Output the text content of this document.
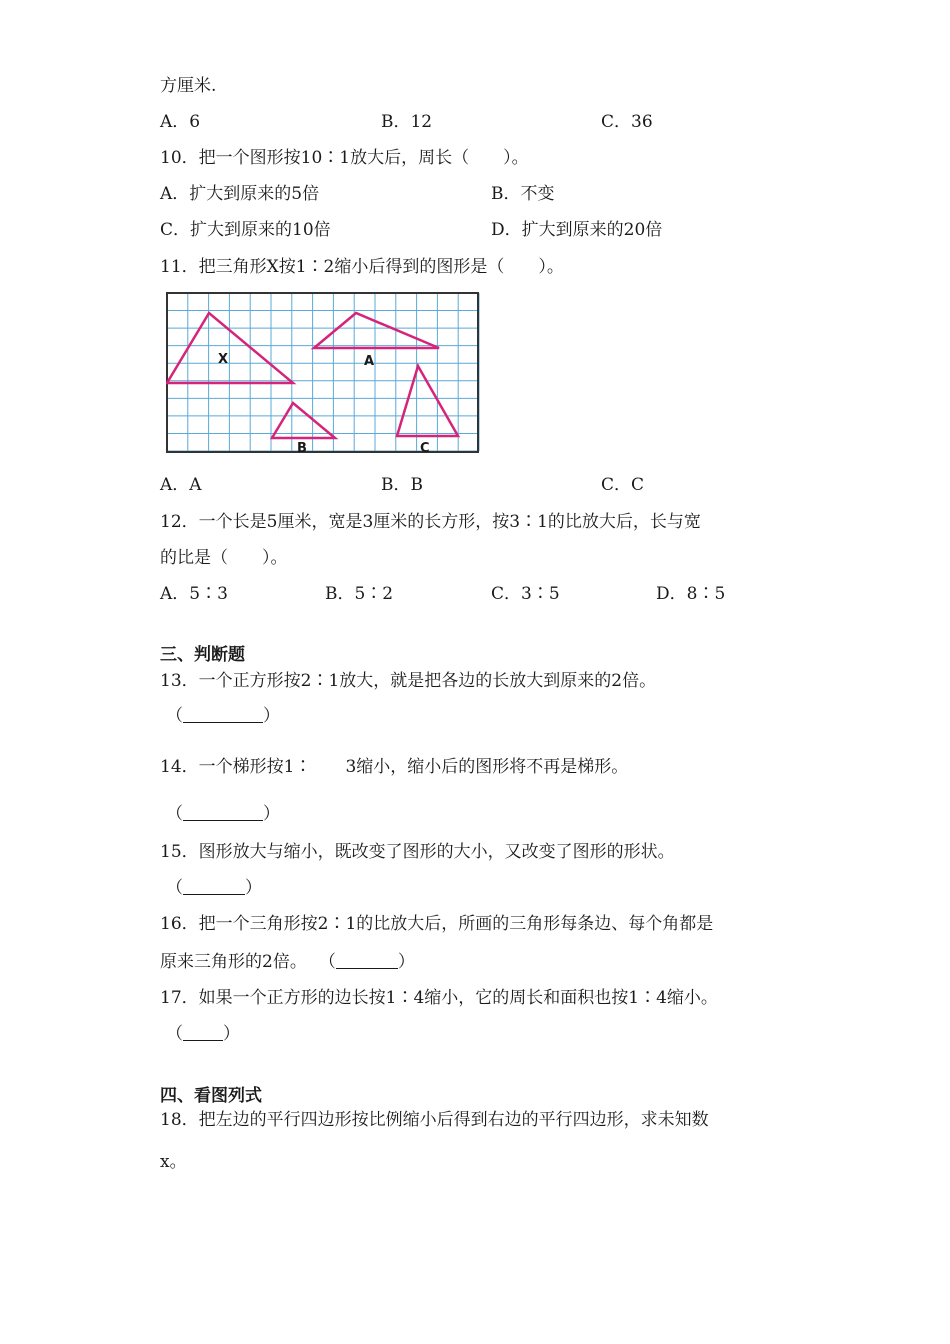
方厘米.
A．6	B．12	C．36
10．把一个图形按10∶1放大后，周长（　　）。
A．扩大到原来的5倍	B．不变
C．扩大到原来的10倍	D．扩大到原来的20倍
11．把三角形X按1∶2缩小后得到的图形是（　　）。
X	A
B	C
A．A	B．B	C．C
12．一个长是5厘米，宽是3厘米的长方形，按3∶1的比放大后，长与宽
的比是（　　）。
A．5∶3	B．5∶2	C．3∶5	D．8∶5
三、判断题
13．一个正方形按2∶1放大，就是把各边的长放大到原来的2倍。
（	）
14．一个梯形按1∶　　3缩小，缩小后的图形将不再是梯形。
（	）
15．图形放大与缩小，既改变了图形的大小，又改变了图形的形状。
（	）
16．把一个三角形按2∶1的比放大后，所画的三角形每条边、每个角都是
原来三角形的2倍。 （	）
17．如果一个正方形的边长按1∶4缩小，它的周长和面积也按1∶4缩小。
（ ）
四、看图列式
18．把左边的平行四边形按比例缩小后得到右边的平行四边形，求未知数
x。
